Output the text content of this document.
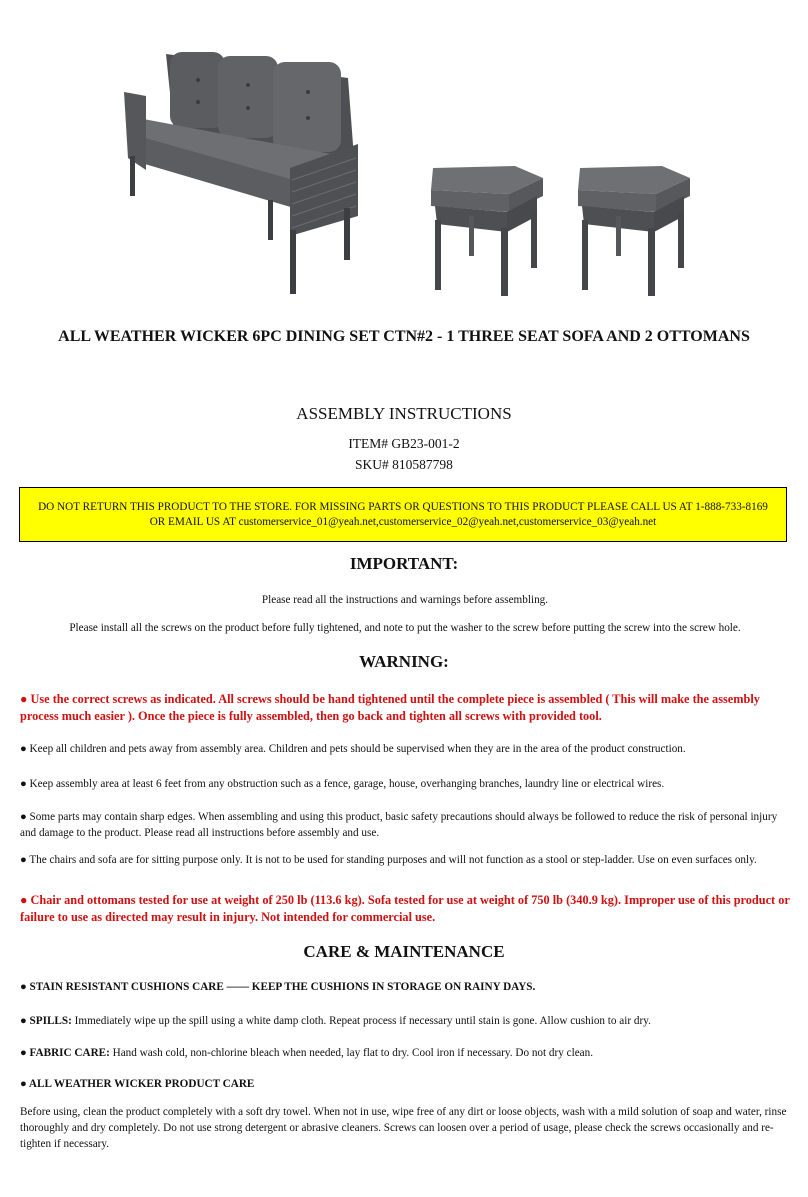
ALL WEATHER WICKER 6PC DINING SET CTN#2 - 1 THREE SEAT SOFA AND 2 OTTOMANS
ASSEMBLY INSTRUCTIONS
ITEM# GB23-001-2
SKU# 810587798
DO NOT RETURN THIS PRODUCT TO THE STORE. FOR MISSING PARTS OR QUESTIONS TO THIS PRODUCT PLEASE CALL US AT 1-888-733-8169
OR EMAIL US AT customerservice_01@yeah.net,customerservice_02@yeah.net,customerservice_03@yeah.net
IMPORTANT:
Please read all the instructions and warnings before assembling.
Please install all the screws on the product before fully tightened, and note to put the washer to the screw before putting the screw into the screw hole.
WARNING:
● Use the correct screws as indicated. All screws should be hand tightened until the complete piece is assembled ( This will make the assembly process much easier ). Once the piece is fully assembled, then go back and tighten all screws with provided tool.
● Keep all children and pets away from assembly area. Children and pets should be supervised when they are in the area of the product construction.
● Keep assembly area at least 6 feet from any obstruction such as a fence, garage, house, overhanging branches, laundry line or electrical wires.
● Some parts may contain sharp edges. When assembling and using this product, basic safety precautions should always be followed to reduce the risk of personal injury and damage to the product. Please read all instructions before assembly and use.
● The chairs and sofa are for sitting purpose only. It is not to be used for standing purposes and will not function as a stool or step-ladder. Use on even surfaces only.
● Chair and ottomans tested for use at weight of 250 lb (113.6 kg). Sofa tested for use at weight of 750 lb (340.9 kg). Improper use of this product or failure to use as directed may result in injury. Not intended for commercial use.
CARE & MAINTENANCE
● STAIN RESISTANT CUSHIONS CARE —— KEEP THE CUSHIONS IN STORAGE ON RAINY DAYS.
● SPILLS: Immediately wipe up the spill using a white damp cloth. Repeat process if necessary until stain is gone. Allow cushion to air dry.
● FABRIC CARE: Hand wash cold, non-chlorine bleach when needed, lay flat to dry. Cool iron if necessary. Do not dry clean.
● ALL WEATHER WICKER PRODUCT CARE
Before using, clean the product completely with a soft dry towel. When not in use, wipe free of any dirt or loose objects, wash with a mild solution of soap and water, rinse thoroughly and dry completely. Do not use strong detergent or abrasive cleaners. Screws can loosen over a period of usage, please check the screws occasionally and re-tighten if necessary.
